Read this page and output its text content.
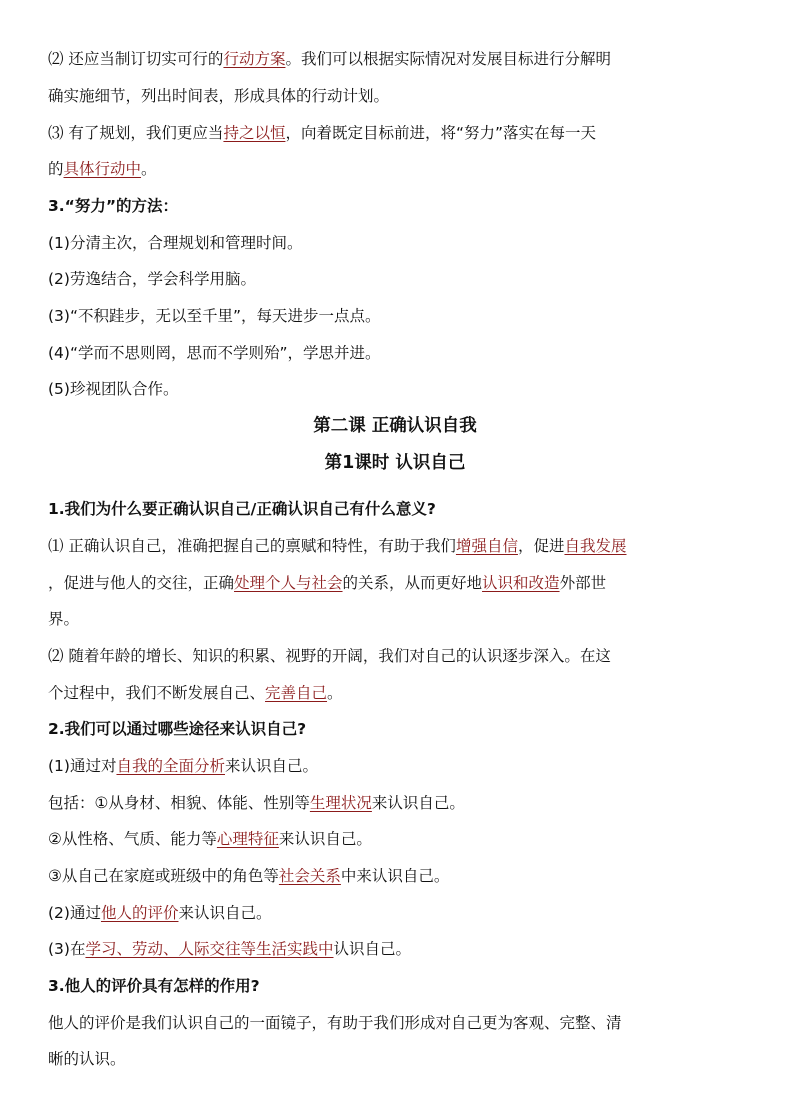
⑵ 还应当制订切实可行的行动方案。我们可以根据实际情况对发展目标进行分解明
确实施细节，列出时间表，形成具体的行动计划。
⑶ 有了规划，我们更应当持之以恒，向着既定目标前进，将“努力”落实在每一天
的具体行动中。
3.“努力”的方法：
(1)分清主次，合理规划和管理时间。
(2)劳逸结合，学会科学用脑。
(3)“不积跬步，无以至千里”，每天进步一点点。
(4)“学而不思则罔，思而不学则殆”，学思并进。
(5)珍视团队合作。
第二课 正确认识自我
第1课时 认识自己
1.我们为什么要正确认识自己/正确认识自己有什么意义?
⑴ 正确认识自己，准确把握自己的禀赋和特性，有助于我们增强自信，促进自我发展
，促进与他人的交往，正确处理个人与社会的关系，从而更好地认识和改造外部世
界。
⑵ 随着年龄的增长、知识的积累、视野的开阔，我们对自己的认识逐步深入。在这
个过程中，我们不断发展自己、完善自己。
2.我们可以通过哪些途径来认识自己?
(1)通过对自我的全面分析来认识自己。
包括：①从身材、相貌、体能、性别等生理状况来认识自己。
②从性格、气质、能力等心理特征来认识自己。
③从自己在家庭或班级中的角色等社会关系中来认识自己。
(2)通过他人的评价来认识自己。
(3)在学习、劳动、人际交往等生活实践中认识自己。
3.他人的评价具有怎样的作用?
他人的评价是我们认识自己的一面镜子，有助于我们形成对自己更为客观、完整、清
晰的认识。
